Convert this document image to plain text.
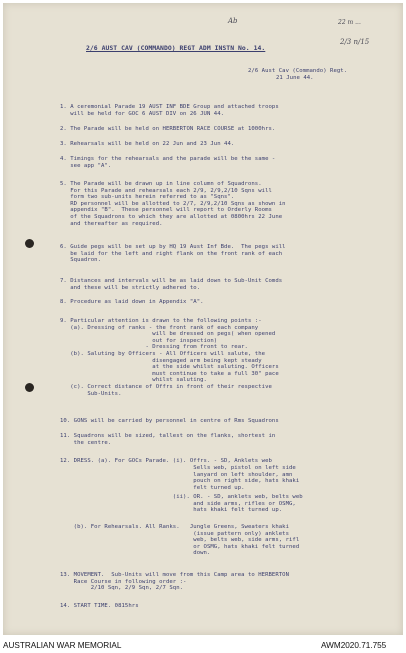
Ab	22 m ...
2/3 n/15
2/6 AUST CAV (COMMANDO) REGT ADM INSTN No. 14.
2/6 Aust Cav (Commando) Regt.
21 June 44.
1. A ceremonial Parade 19 AUST INF BDE Group and attached troops
will be held for GOC 6 AUST DIV on 26 JUN 44.
2. The Parade will be held on HERBERTON RACE COURSE at 1000hrs.
3. Rehearsals will be held on 22 Jun and 23 Jun 44.
4. Timings for the rehearsals and the parade will be the same -
see app "A".
5. The Parade will be drawn up in line column of Squadrons.
For this Parade and rehearsals each 2/9, 2/9,2/10 Sqns will
form two sub-units herein referred to as "Sqns".
RD personnel will be allotted to 2/7, 2/9,2/10 Sqns as shown in
appendix "B".  These personnel will report to Orderly Rooms
of the Squadrons to which they are allotted at 0800hrs 22 June
and thereafter as required.
6. Guide pegs will be set up by HQ 19 Aust Inf Bde.  The pegs will
be laid for the left and right flank on the front rank of each
Squadron.
7. Distances and intervals will be as laid down to Sub-Unit Comds
and these will be strictly adhered to.
8. Procedure as laid down in Appendix "A".
9. Particular attention is drawn to the following points :-
(a). Dressing of ranks - the front rank of each company
will be dressed on pegs( when opened
out for inspection)
- Dressing from front to rear.
(b). Saluting by Officers - All Officers will salute, the
disengaged arm being kept steady
at the side whilst saluting. Officers
must continue to take a full 30" pace
whilst saluting.
(c). Correct distance of Offrs in front of their respective
Sub-Units.
10. GONS will be carried by personnel in centre of Rms Squadrons
11. Squadrons will be sized, tallest on the flanks, shortest in
the centre.
12. DRESS. (a). For GOCs Parade. (i). Offrs. - SD, Anklets web
Sells web, pistol on left side
lanyard on left shoulder, amn
pouch on right side, hats khaki
felt turned up.
(ii). OR. - SD, anklets web, belts web
and side arms, rifles or OSMG,
hats khaki felt turned up.
(b). For Rehearsals. All Ranks.   Jungle Greens, Sweaters khaki
(issue pattern only) anklets
web, belts web, side arms, rifl
or OSMG, hats khaki felt turned
down.
13. MOVEMENT.  Sub-Units will move from this Camp area to HERBERTON
Race Course in following order :-
2/10 Sqn, 2/9 Sqn, 2/7 Sqn.
14. START TIME. 0815hrs
AUSTRALIAN WAR MEMORIAL	AWM2020.71.755
